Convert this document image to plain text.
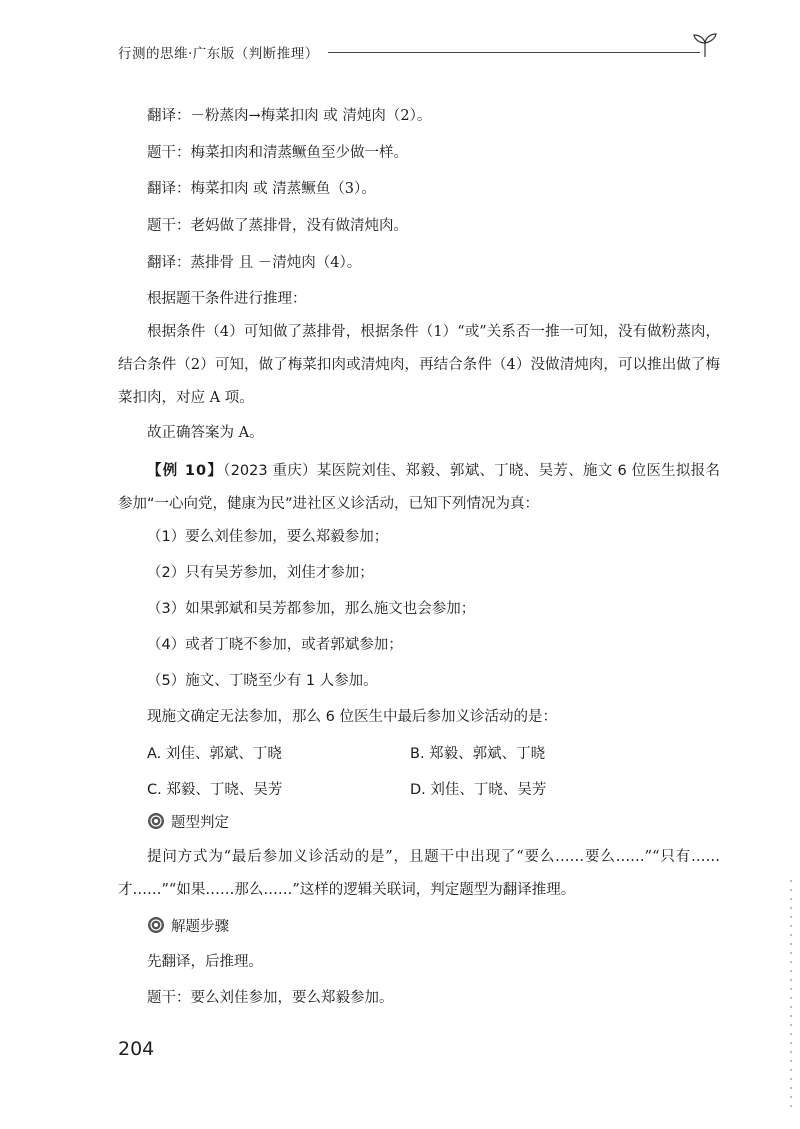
行测的思维·广东版（判断推理）

翻译：－粉蒸肉→梅菜扣肉 或 清炖肉（2）。

题干：梅菜扣肉和清蒸鳜鱼至少做一样。

翻译：梅菜扣肉 或 清蒸鳜鱼（3）。

题干：老妈做了蒸排骨，没有做清炖肉。

翻译：蒸排骨 且 －清炖肉（4）。

根据题干条件进行推理：

根据条件（4）可知做了蒸排骨，根据条件（1）“或”关系否一推一可知，没有做粉蒸肉，结合条件（2）可知，做了梅菜扣肉或清炖肉，再结合条件（4）没做清炖肉，可以推出做了梅菜扣肉，对应 A 项。

故正确答案为 A。

【例 10】（2023 重庆）某医院刘佳、郑毅、郭斌、丁晓、吴芳、施文 6 位医生拟报名参加“一心向党，健康为民”进社区义诊活动，已知下列情况为真：

（1）要么刘佳参加，要么郑毅参加；

（2）只有吴芳参加，刘佳才参加；

（3）如果郭斌和吴芳都参加，那么施文也会参加；

（4）或者丁晓不参加，或者郭斌参加；

（5）施文、丁晓至少有 1 人参加。

现施文确定无法参加，那么 6 位医生中最后参加义诊活动的是：

A. 刘佳、郭斌、丁晓	B. 郑毅、郭斌、丁晓
C. 郑毅、丁晓、吴芳	D. 刘佳、丁晓、吴芳
题型判定

提问方式为“最后参加义诊活动的是”，且题干中出现了“要么……要么……”“只有……才……”“如果……那么……”这样的逻辑关联词，判定题型为翻译推理。

解题步骤

先翻译，后推理。

题干：要么刘佳参加，要么郑毅参加。

204
